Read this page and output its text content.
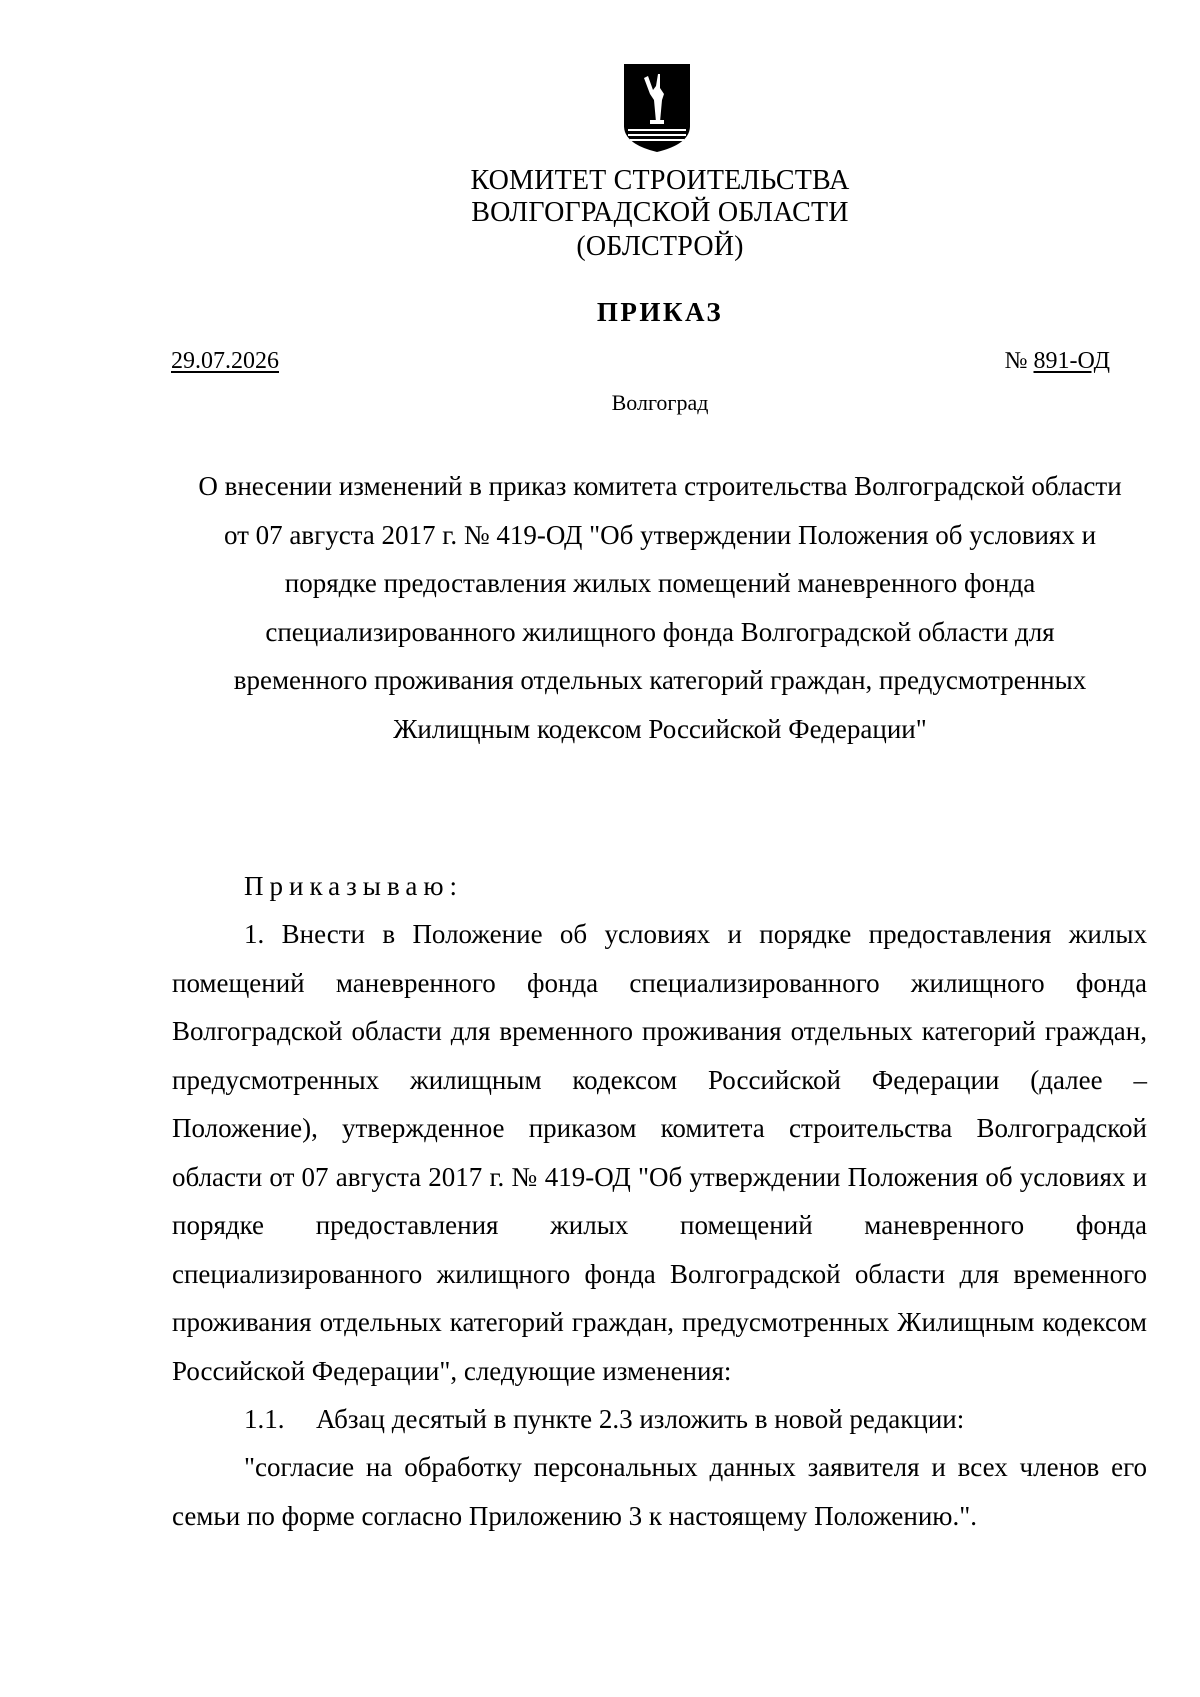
КОМИТЕТ СТРОИТЕЛЬСТВА
ВОЛГОГРАДСКОЙ ОБЛАСТИ
(ОБЛСТРОЙ)
ПРИКАЗ
29.07.2026	№ 891-ОД
Волгоград
О внесении изменений в приказ комитета строительства Волгоградской области
от 07 августа 2017 г. № 419-ОД "Об утверждении Положения об условиях и
порядке предоставления жилых помещений маневренного фонда
специализированного жилищного фонда Волгоградской области для
временного проживания отдельных категорий граждан, предусмотренных
Жилищным кодексом Российской Федерации"
Приказываю:
1. Внести в Положение об условиях и порядке предоставления жилых помещений маневренного фонда специализированного жилищного фонда Волгоградской области для временного проживания отдельных категорий граждан, предусмотренных жилищным кодексом Российской Федерации (далее – Положение), утвержденное приказом комитета строительства Волгоградской области от 07 августа 2017 г. № 419-ОД "Об утверждении Положения об условиях и порядке предоставления жилых помещений маневренного фонда специализированного жилищного фонда Волгоградской области для временного проживания отдельных категорий граждан, предусмотренных Жилищным кодексом Российской Федерации", следующие изменения:
1.1. Абзац десятый в пункте 2.3 изложить в новой редакции:
"согласие на обработку персональных данных заявителя и всех членов его семьи по форме согласно Приложению 3 к настоящему Положению.".
